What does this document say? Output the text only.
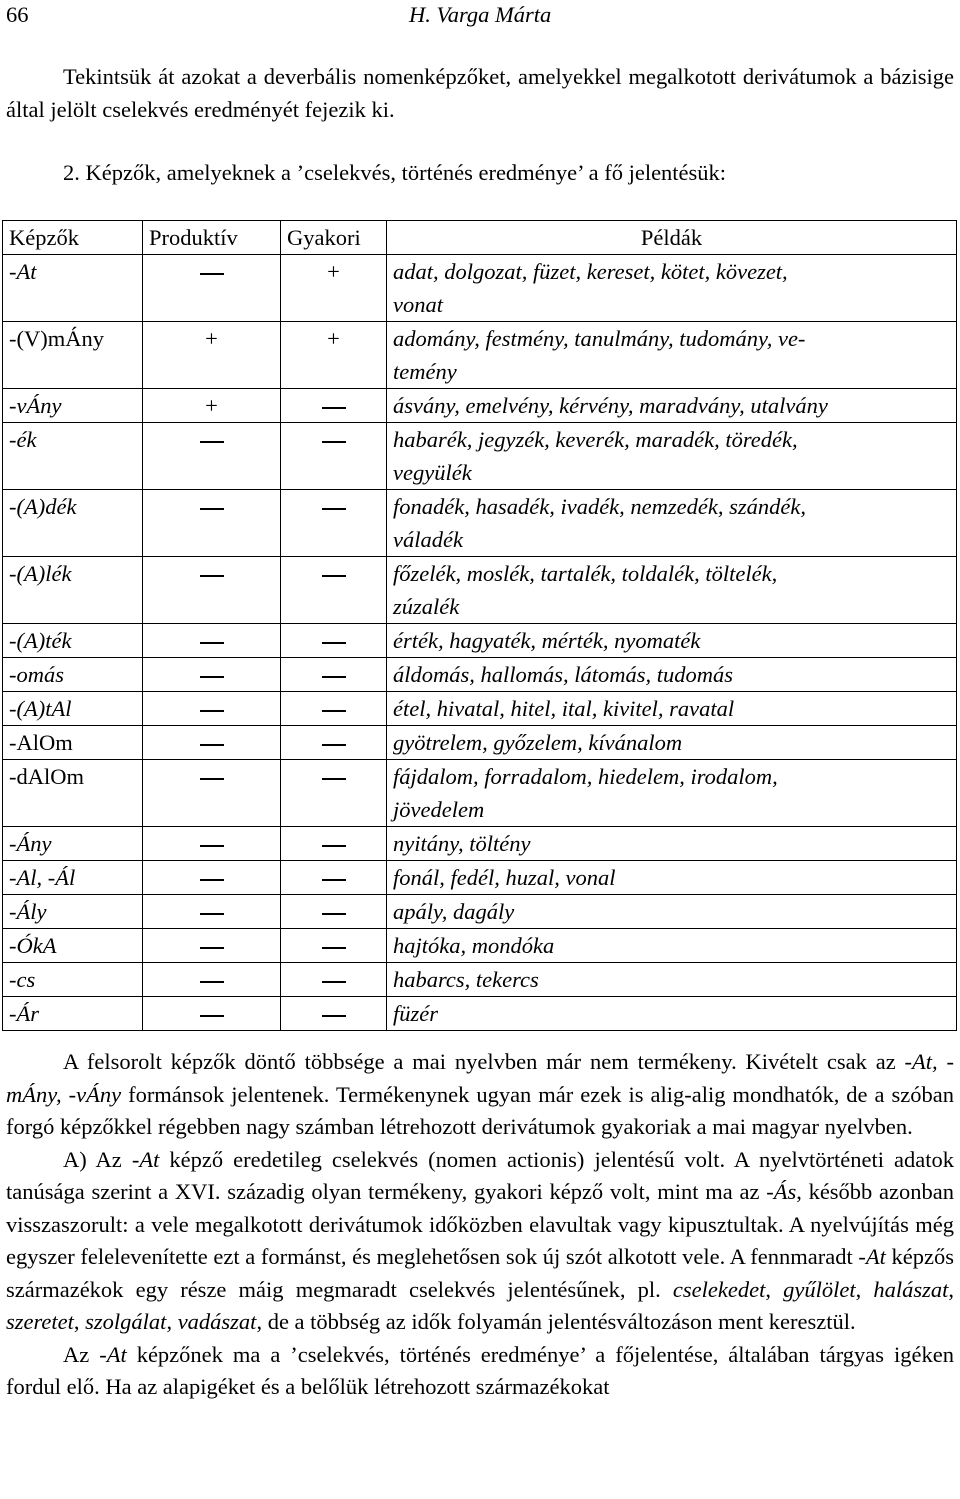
66	H. Varga Márta

Tekintsük át azokat a deverbális nomenképzőket, amelyekkel megalkotott derivátumok a bázisige által jelölt cselekvés eredményét fejezik ki.

2. Képzők, amelyeknek a ’cselekvés, történés eredménye’ a fő jelentésük:
Képzők	Produktív	Gyakori	Példák
-At		+	adat, dolgozat, füzet, kereset, kötet, kövezet,
vonat

-(V)mÁny	+	+	adomány, festmény, tanulmány, tudomány, ve-
temény

-vÁny	+		ásvány, emelvény, kérvény, maradvány, utalvány

-ék			habarék, jegyzék, keverék, maradék, töredék,
vegyülék

-(A)dék			fonadék, hasadék, ivadék, nemzedék, szándék,
váladék

-(A)lék			főzelék, moslék, tartalék, toldalék, töltelék,
zúzalék

-(A)ték			érték, hagyaték, mérték, nyomaték

-omás			áldomás, hallomás, látomás, tudomás

-(A)tAl			étel, hivatal, hitel, ital, kivitel, ravatal

-AlOm			gyötrelem, győzelem, kívánalom

-dAlOm			fájdalom, forradalom, hiedelem, irodalom,
jövedelem

-Ány			nyitány, töltény

-Al, -Ál			fonál, fedél, huzal, vonal

-Ály			apály, dagály

-ÓkA			hajtóka, mondóka

-cs			habarcs, tekercs

-Ár			füzér

A felsorolt képzők döntő többsége a mai nyelvben már nem termékeny. Kivételt csak az -At, -mÁny, -vÁny formánsok jelentenek. Termékenynek ugyan már ezek is alig-alig mondhatók, de a szóban forgó képzőkkel régebben nagy számban létrehozott derivátumok gyakoriak a mai magyar nyelvben.

A) Az -At képző eredetileg cselekvés (nomen actionis) jelentésű volt. A nyelvtörténeti adatok tanúsága szerint a XVI. századig olyan termékeny, gyakori képző volt, mint ma az -Ás, később azonban visszaszorult: a vele megalkotott derivátumok időközben elavultak vagy kipusztultak. A nyelvújítás még egyszer felelevenítette ezt a formánst, és meglehetősen sok új szót alkotott vele. A fennmaradt -At képzős származékok egy része máig megmaradt cselekvés jelentésűnek, pl. cselekedet, gyűlölet, halászat, szeretet, szolgálat, vadászat, de a többség az idők folyamán jelentésváltozáson ment keresztül.

Az -At képzőnek ma a ’cselekvés, történés eredménye’ a főjelentése, általában tárgyas igéken fordul elő. Ha az alapigéket és a belőlük létrehozott származékokat
